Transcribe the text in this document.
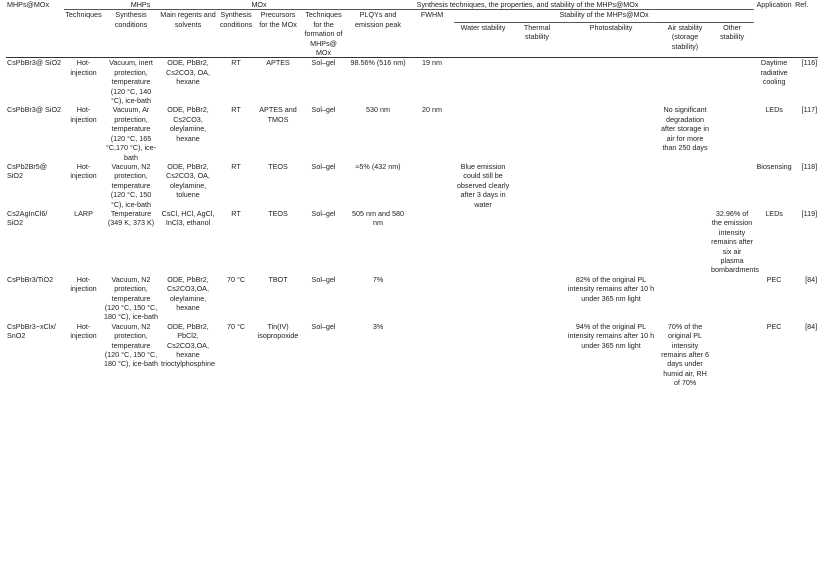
MHPs@MOx	MHPs			MOx		Synthesis techniques, the properties, and stability of the MHPs@MOx								Application	Ref.
	Techniques	Synthesis conditions	Main regents and solvents	Synthesis conditions	Precursors for the MOx	Techniques for the formation of MHPs@ MOx	PLQYs and emission peak	FWHM	Stability of the MHPs@MOx						
									Water stability	Thermal stability	Photostability	Air stability (storage stability)	Other stability		
CsPbBr3@ SiO2	Hot-injection	Vacuum, inert protection, temperature (120 °C, 140 °C), ice-bath	ODE, PbBr2, Cs2CO3, OA, hexane	RT	APTES	Sol–gel	98.56% (516 nm)	19 nm						Daytime radiative cooling	[116]
CsPbBr3@ SiO2	Hot-injection	Vacuum, Ar protection, temperature (120 °C, 165 °C,170 °C), ice-bath	ODE, PbBr2, Cs2CO3, oleylamine, hexane	RT	APTES and TMOS	Sol–gel	530 nm	20 nm				No significant degradation after storage in air for more than 250 days		LEDs	[117]
CsPb2Br5@ SiO2	Hot-injection	Vacuum, N2 protection, temperature (120 °C, 150 °C), ice-bath	ODE, PbBr2, Cs2CO3, OA, oleylamine, toluene	RT	TEOS	Sol–gel	≈5% (432 nm)		Blue emission could still be observed clearly after 3 days in water					Biosensing	[118]
Cs2AgInCl6/ SiO2	LARP	Temperature (349 K, 373 K)	CsCl, HCl, AgCl, InCl3, ethanol	RT	TEOS	Sol–gel	505 nm and 580 nm						32.96% of the emission intensity remains after six air plasma bombardments	LEDs	[119]
CsPbBr3/TiO2	Hot-injection	Vacuum, N2 protection, temperature (120 °C, 150 °C, 180 °C), ice-bath	ODE, PbBr2, Cs2CO3,OA, oleylamine, hexane	70 °C	TBOT	Sol–gel	7%				82% of the original PL intensity remains after 10 h under 365 nm light			PEC	[84]
CsPbBr3−xClx/ SnO2	Hot-injection	Vacuum, N2 protection, temperature (120 °C, 150 °C, 180 °C), ice-bath	ODE, PbBr2, PbCl2, Cs2CO3,OA, hexane trioctylphosphine	70 °C	Tin(IV) isopropoxide	Sol–gel	3%				94% of the original PL intensity remains after 10 h under 365 nm light	70% of the original PL intensity remains after 6 days under humid air, RH of 70%		PEC	[84]
